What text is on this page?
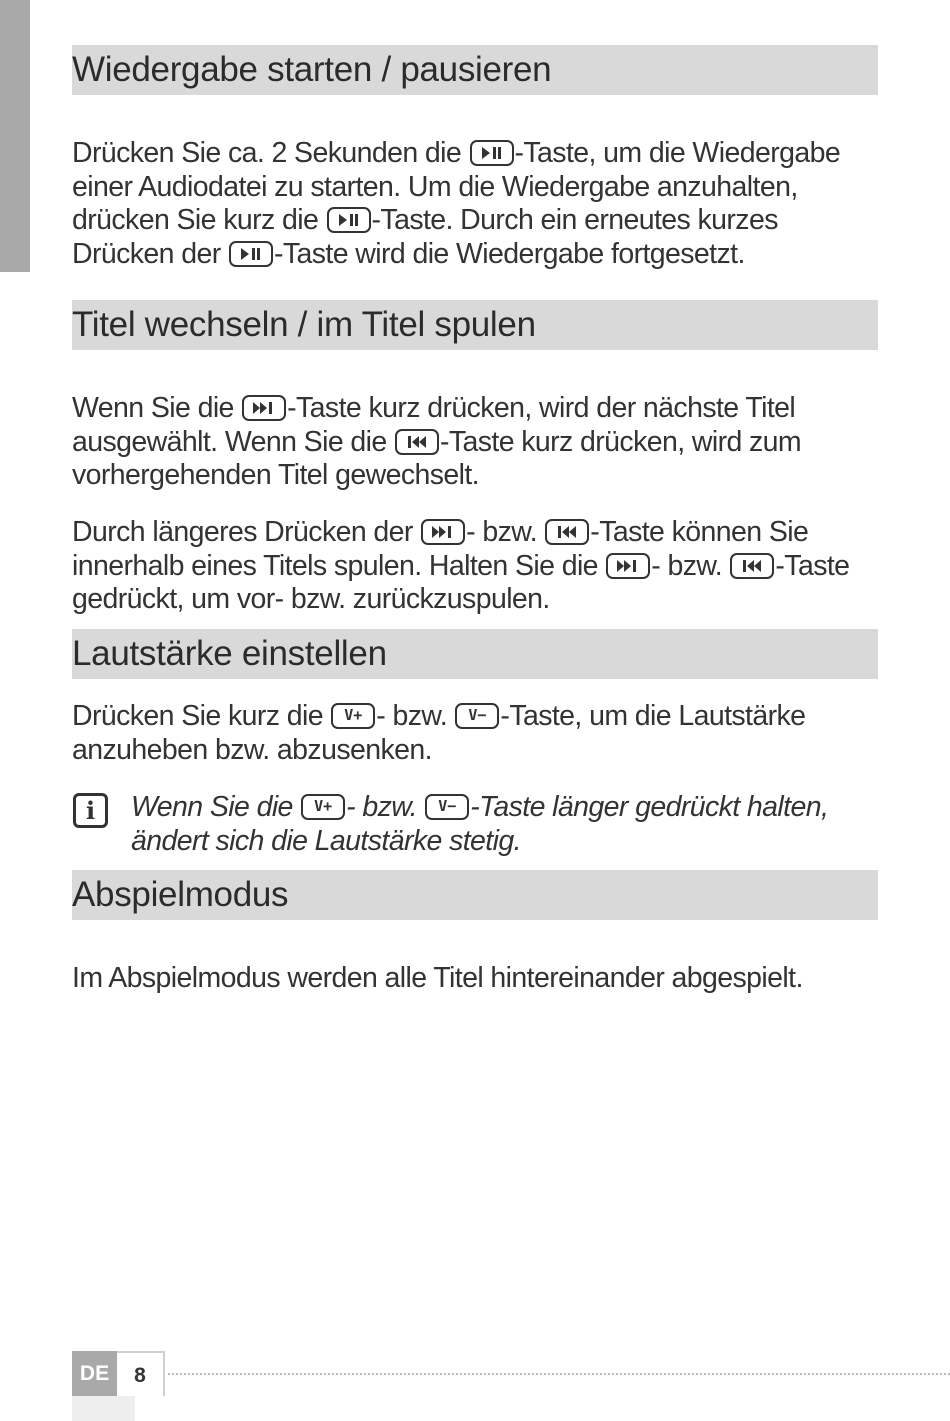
Wiedergabe starten / pausieren
Drücken Sie ca. 2 Sekunden die
-Taste, um die Wiedergabe
einer Audiodatei zu starten. Um die Wiedergabe anzuhalten,
drücken Sie kurz die
-Taste. Durch ein erneutes kurzes
Drücken der
-Taste wird die Wiedergabe fortgesetzt.
Titel wechseln / im Titel spulen
Wenn Sie die
-Taste kurz drücken, wird der nächste Titel
ausgewählt. Wenn Sie die
-Taste kurz drücken, wird zum
vorhergehenden Titel gewechselt.
Durch längeres Drücken der
- bzw.
-Taste können Sie
innerhalb eines Titels spulen. Halten Sie die
- bzw.
-Taste
gedrückt, um vor- bzw. zurückzuspulen.
Lautstärke einstellen
Drücken Sie kurz die V+ - bzw. V− -Taste, um die Lautstärke
anzuheben bzw. abzusenken.
i	Wenn Sie die V+ - bzw. V− -Taste länger gedrückt halten,
ändert sich die Lautstärke stetig.
Abspielmodus
Im Abspielmodus werden alle Titel hintereinander abgespielt.
DE	8
